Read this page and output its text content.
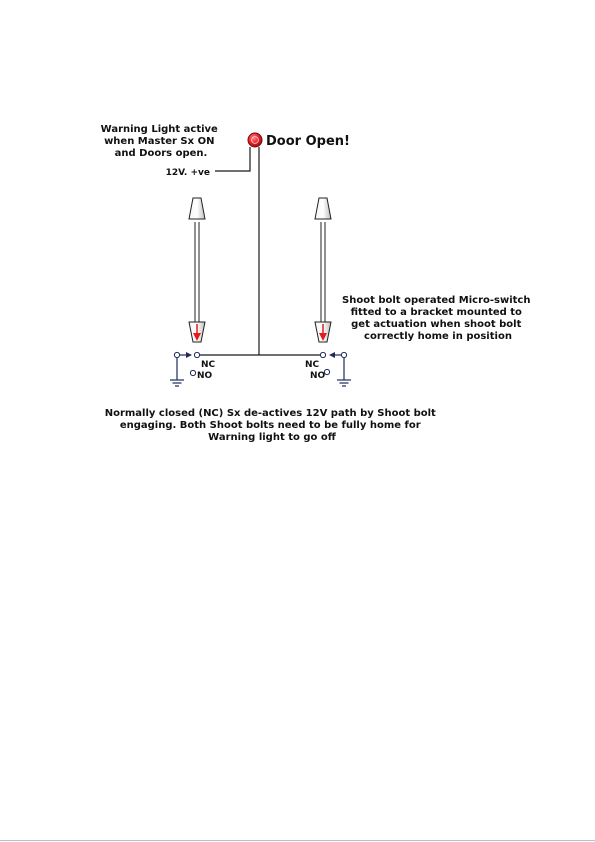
Warning Light active when Master Sx ON and Doors open.
Door Open!
12V. +ve
NC
NO
NC
NO
Shoot bolt operated Micro-switch fitted to a bracket mounted to get actuation when shoot bolt correctly home in position
Normally closed (NC) Sx de-actives 12V path by Shoot bolt engaging. Both Shoot bolts need to be fully home for Warning light to go off
